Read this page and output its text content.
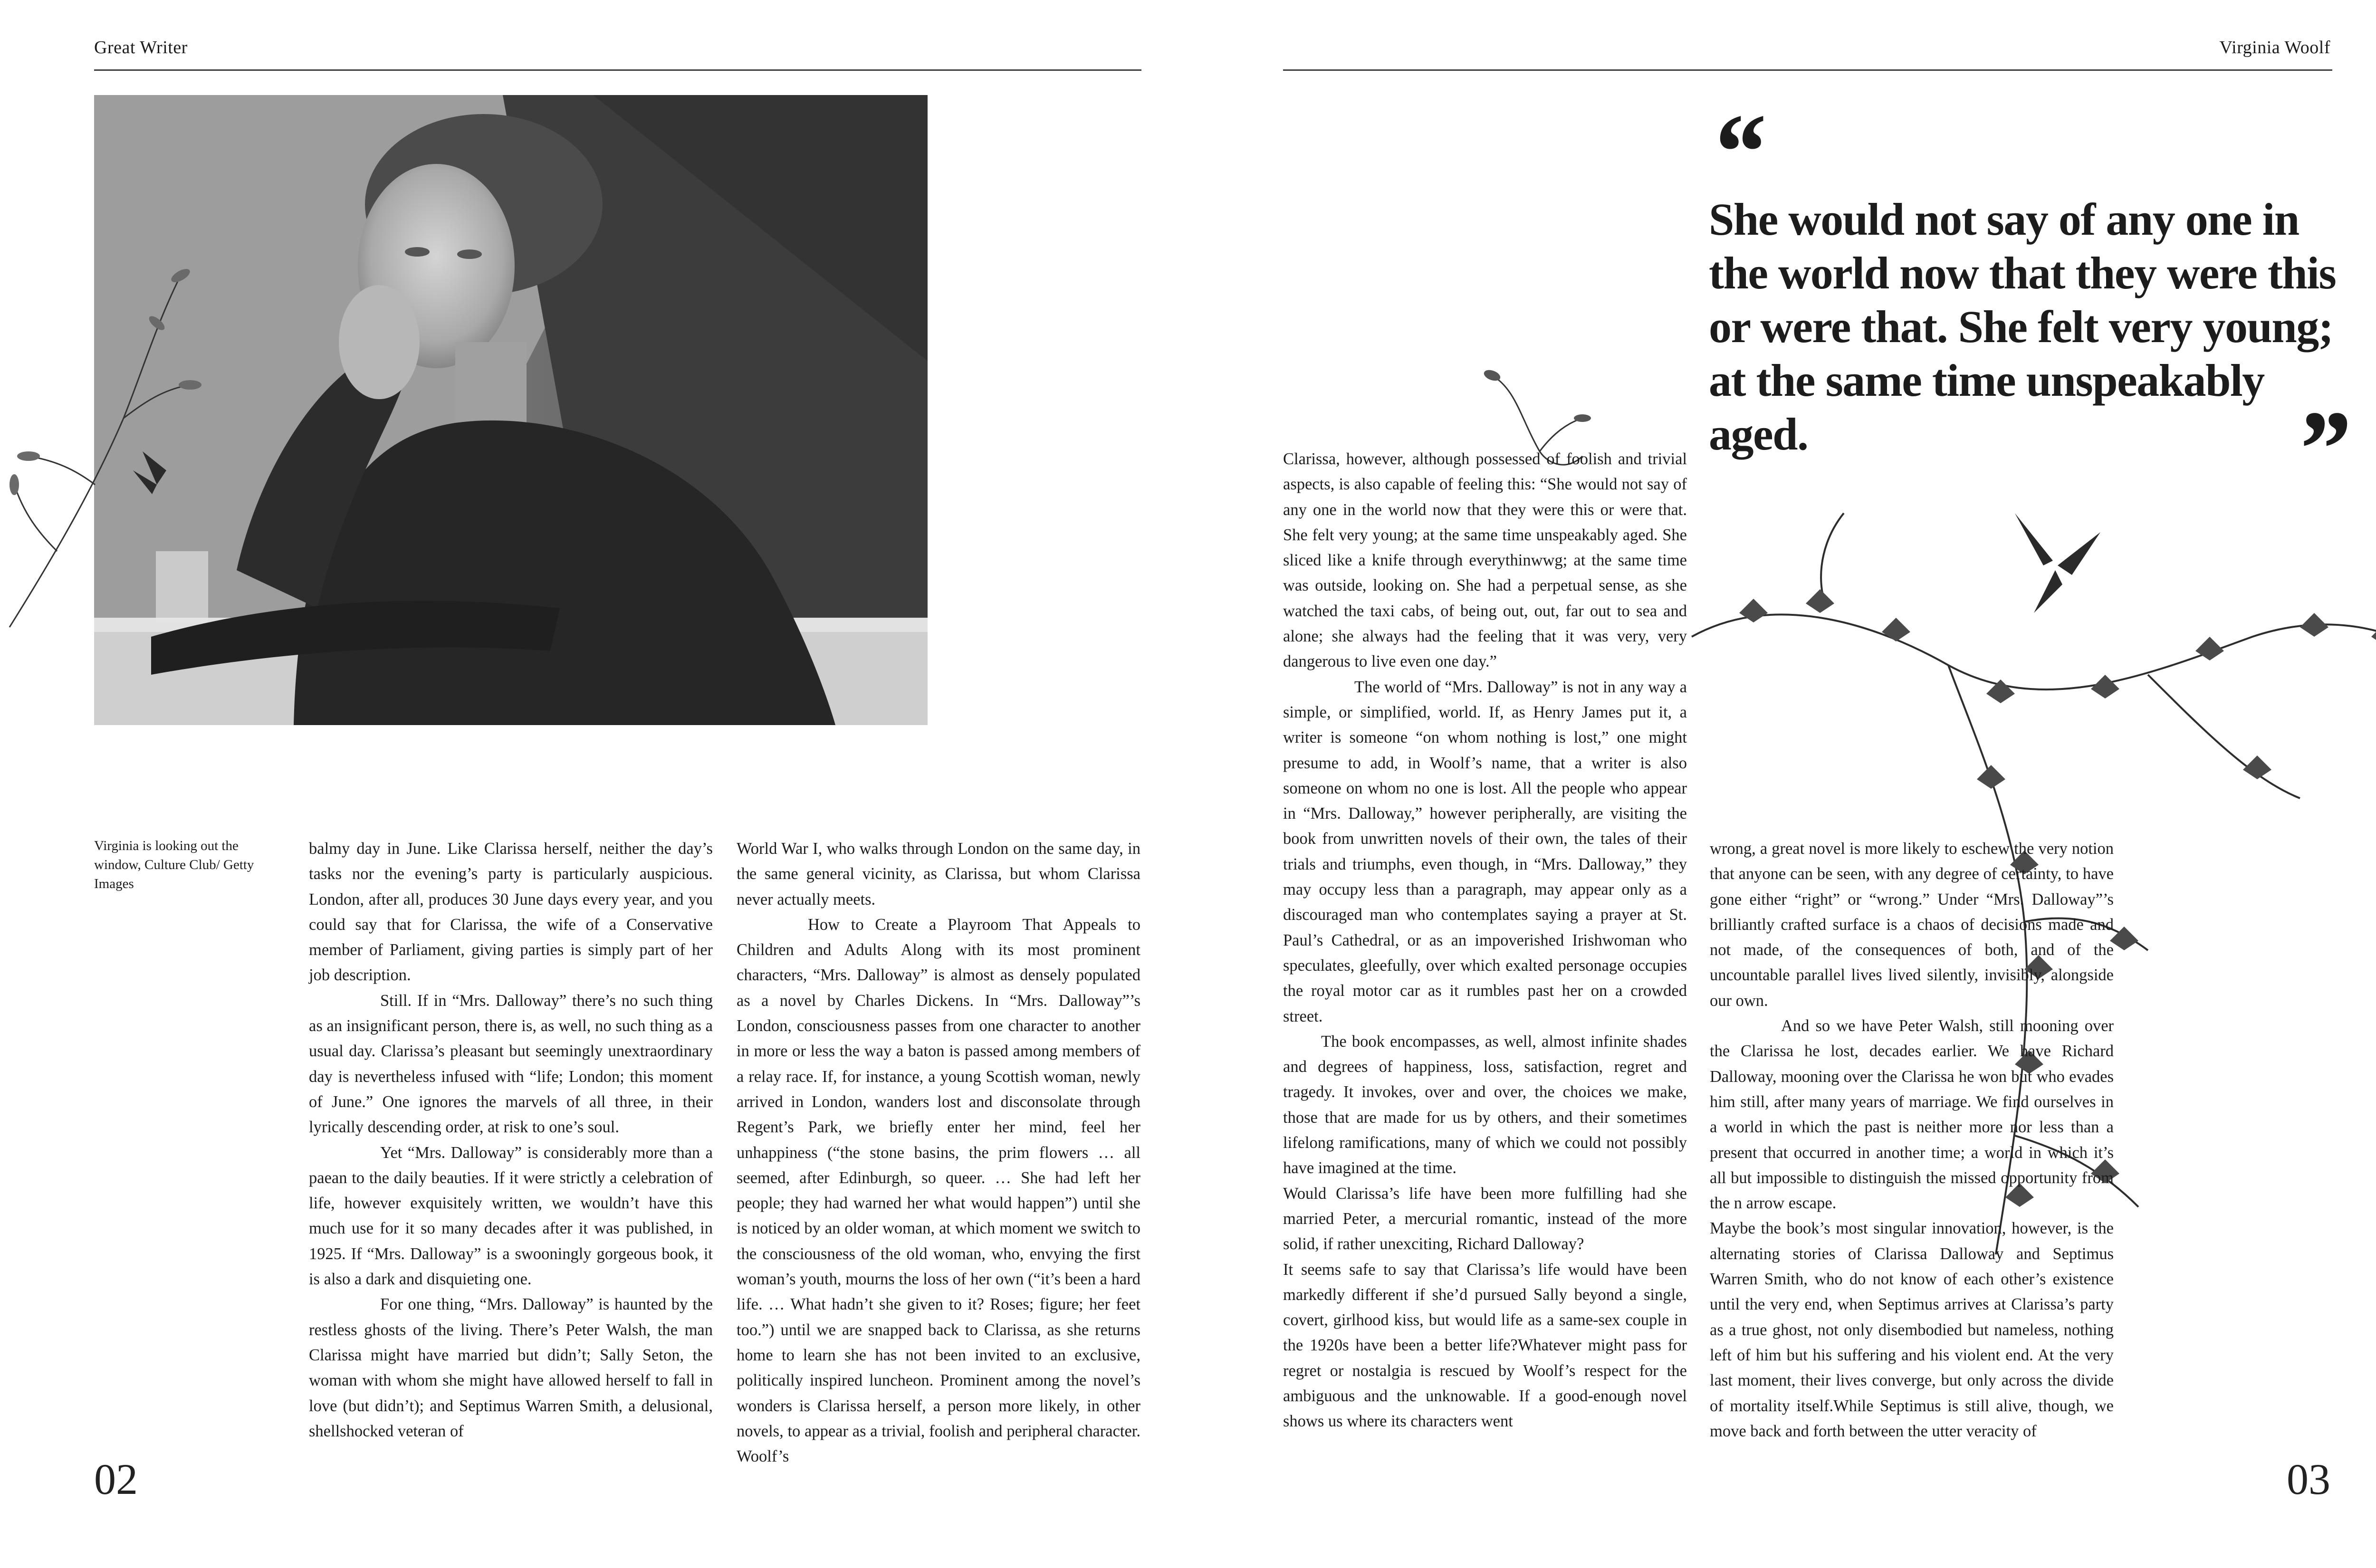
Great Writer	Virginia Woolf
Virginia is looking out the window, Culture Club/ Getty Images

balmy day in June. Like Clarissa herself, neither the day’s tasks nor the evening’s party is particularly auspicious. London, after all, produces 30 June days every year, and you could say that for Clarissa, the wife of a Conservative member of Parliament, giving parties is simply part of her job description.

Still. If in “Mrs. Dalloway” there’s no such thing as an insignificant person, there is, as well, no such thing as a usual day. Clarissa’s pleasant but seemingly unextraordinary day is nevertheless infused with “life; London; this moment of June.” One ignores the marvels of all three, in their lyrically descending order, at risk to one’s soul.

Yet “Mrs. Dalloway” is considerably more than a paean to the daily beauties. If it were strictly a celebration of life, however exquisitely written, we wouldn’t have this much use for it so many decades after it was published, in 1925. If “Mrs. Dalloway” is a swooningly gorgeous book, it is also a dark and disquieting one.

For one thing, “Mrs. Dalloway” is haunted by the restless ghosts of the living. There’s Peter Walsh, the man Clarissa might have married but didn’t; Sally Seton, the woman with whom she might have allowed herself to fall in love (but didn’t); and Septimus Warren Smith, a delusional, shellshocked veteran of

World War I, who walks through London on the same day, in the same general vicinity, as Clarissa, but whom Clarissa never actually meets.

How to Create a Playroom That Appeals to Children and Adults Along with its most prominent characters, “Mrs. Dalloway” is almost as densely populated as a novel by Charles Dickens. In “Mrs. Dalloway”’s London, consciousness passes from one character to another in more or less the way a baton is passed among members of a relay race. If, for instance, a young Scottish woman, newly arrived in London, wanders lost and disconsolate through Regent’s Park, we briefly enter her mind, feel her unhappiness (“the stone basins, the prim flowers … all seemed, after Edinburgh, so queer. … She had left her people; they had warned her what would happen”) until she is noticed by an older woman, at which moment we switch to the consciousness of the old woman, who, envying the first woman’s youth, mourns the loss of her own (“it’s been a hard life. … What hadn’t she given to it? Roses; figure; her feet too.”) until we are snapped back to Clarissa, as she returns home to learn she has not been invited to an exclusive, politically inspired luncheon. Prominent among the novel’s wonders is Clarissa herself, a person more likely, in other novels, to appear as a trivial, foolish and peripheral character. Woolf’s

02
“
She would not say of any one in the world now that they were this or were that. She felt very young; at the same time unspeakably aged.	”

Clarissa, however, although possessed of foolish and trivial aspects, is also capable of feeling this: “She would not say of any one in the world now that they were this or were that. She felt very young; at the same time unspeakably aged. She sliced like a knife through everythinwwg; at the same time was outside, looking on. She had a perpetual sense, as she watched the taxi cabs, of being out, out, far out to sea and alone; she always had the feeling that it was very, very dangerous to live even one day.”

The world of “Mrs. Dalloway” is not in any way a simple, or simplified, world. If, as Henry James put it, a writer is someone “on whom nothing is lost,” one might presume to add, in Woolf’s name, that a writer is also someone on whom no one is lost. All the people who appear in “Mrs. Dalloway,” however peripherally, are visiting the book from unwritten novels of their own, the tales of their trials and triumphs, even though, in “Mrs. Dalloway,” they may occupy less than a paragraph, may appear only as a discouraged man who contemplates saying a prayer at St. Paul’s Cathedral, or as an impoverished Irishwoman who speculates, gleefully, over which exalted personage occupies the royal motor car as it rumbles past her on a crowded street.

The book encompasses, as well, almost infinite shades and degrees of happiness, loss, satisfaction, regret and tragedy. It invokes, over and over, the choices we make, those that are made for us by others, and their sometimes lifelong ramifications, many of which we could not possibly have imagined at the time.

Would Clarissa’s life have been more fulfilling had she married Peter, a mercurial romantic, instead of the more solid, if rather unexciting, Richard Dalloway?

It seems safe to say that Clarissa’s life would have been markedly different if she’d pursued Sally beyond a single, covert, girlhood kiss, but would life as a same-sex couple in the 1920s have been a better life?Whatever might pass for regret or nostalgia is rescued by Woolf’s respect for the ambiguous and the unknowable. If a good-enough novel shows us where its characters went

wrong, a great novel is more likely to eschew the very notion that anyone can be seen, with any degree of certainty, to have gone either “right” or “wrong.” Under “Mrs. Dalloway”’s brilliantly crafted surface is a chaos of decisions made and not made, of the consequences of both, and of the uncountable parallel lives lived silently, invisibly, alongside our own.

And so we have Peter Walsh, still mooning over the Clarissa he lost, decades earlier. We have Richard Dalloway, mooning over the Clarissa he won but who evades him still, after many years of marriage. We find ourselves in a world in which the past is neither more nor less than a present that occurred in another time; a world in which it’s all but impossible to distinguish the missed opportunity from the n arrow escape.

Maybe the book’s most singular innovation, however, is the alternating stories of Clarissa Dalloway and Septimus Warren Smith, who do not know of each other’s existence until the very end, when Septimus arrives at Clarissa’s party as a true ghost, not only disembodied but nameless, nothing left of him but his suffering and his violent end. At the very last moment, their lives converge, but only across the divide of mortality itself.While Septimus is still alive, though, we move back and forth between the utter veracity of

03
